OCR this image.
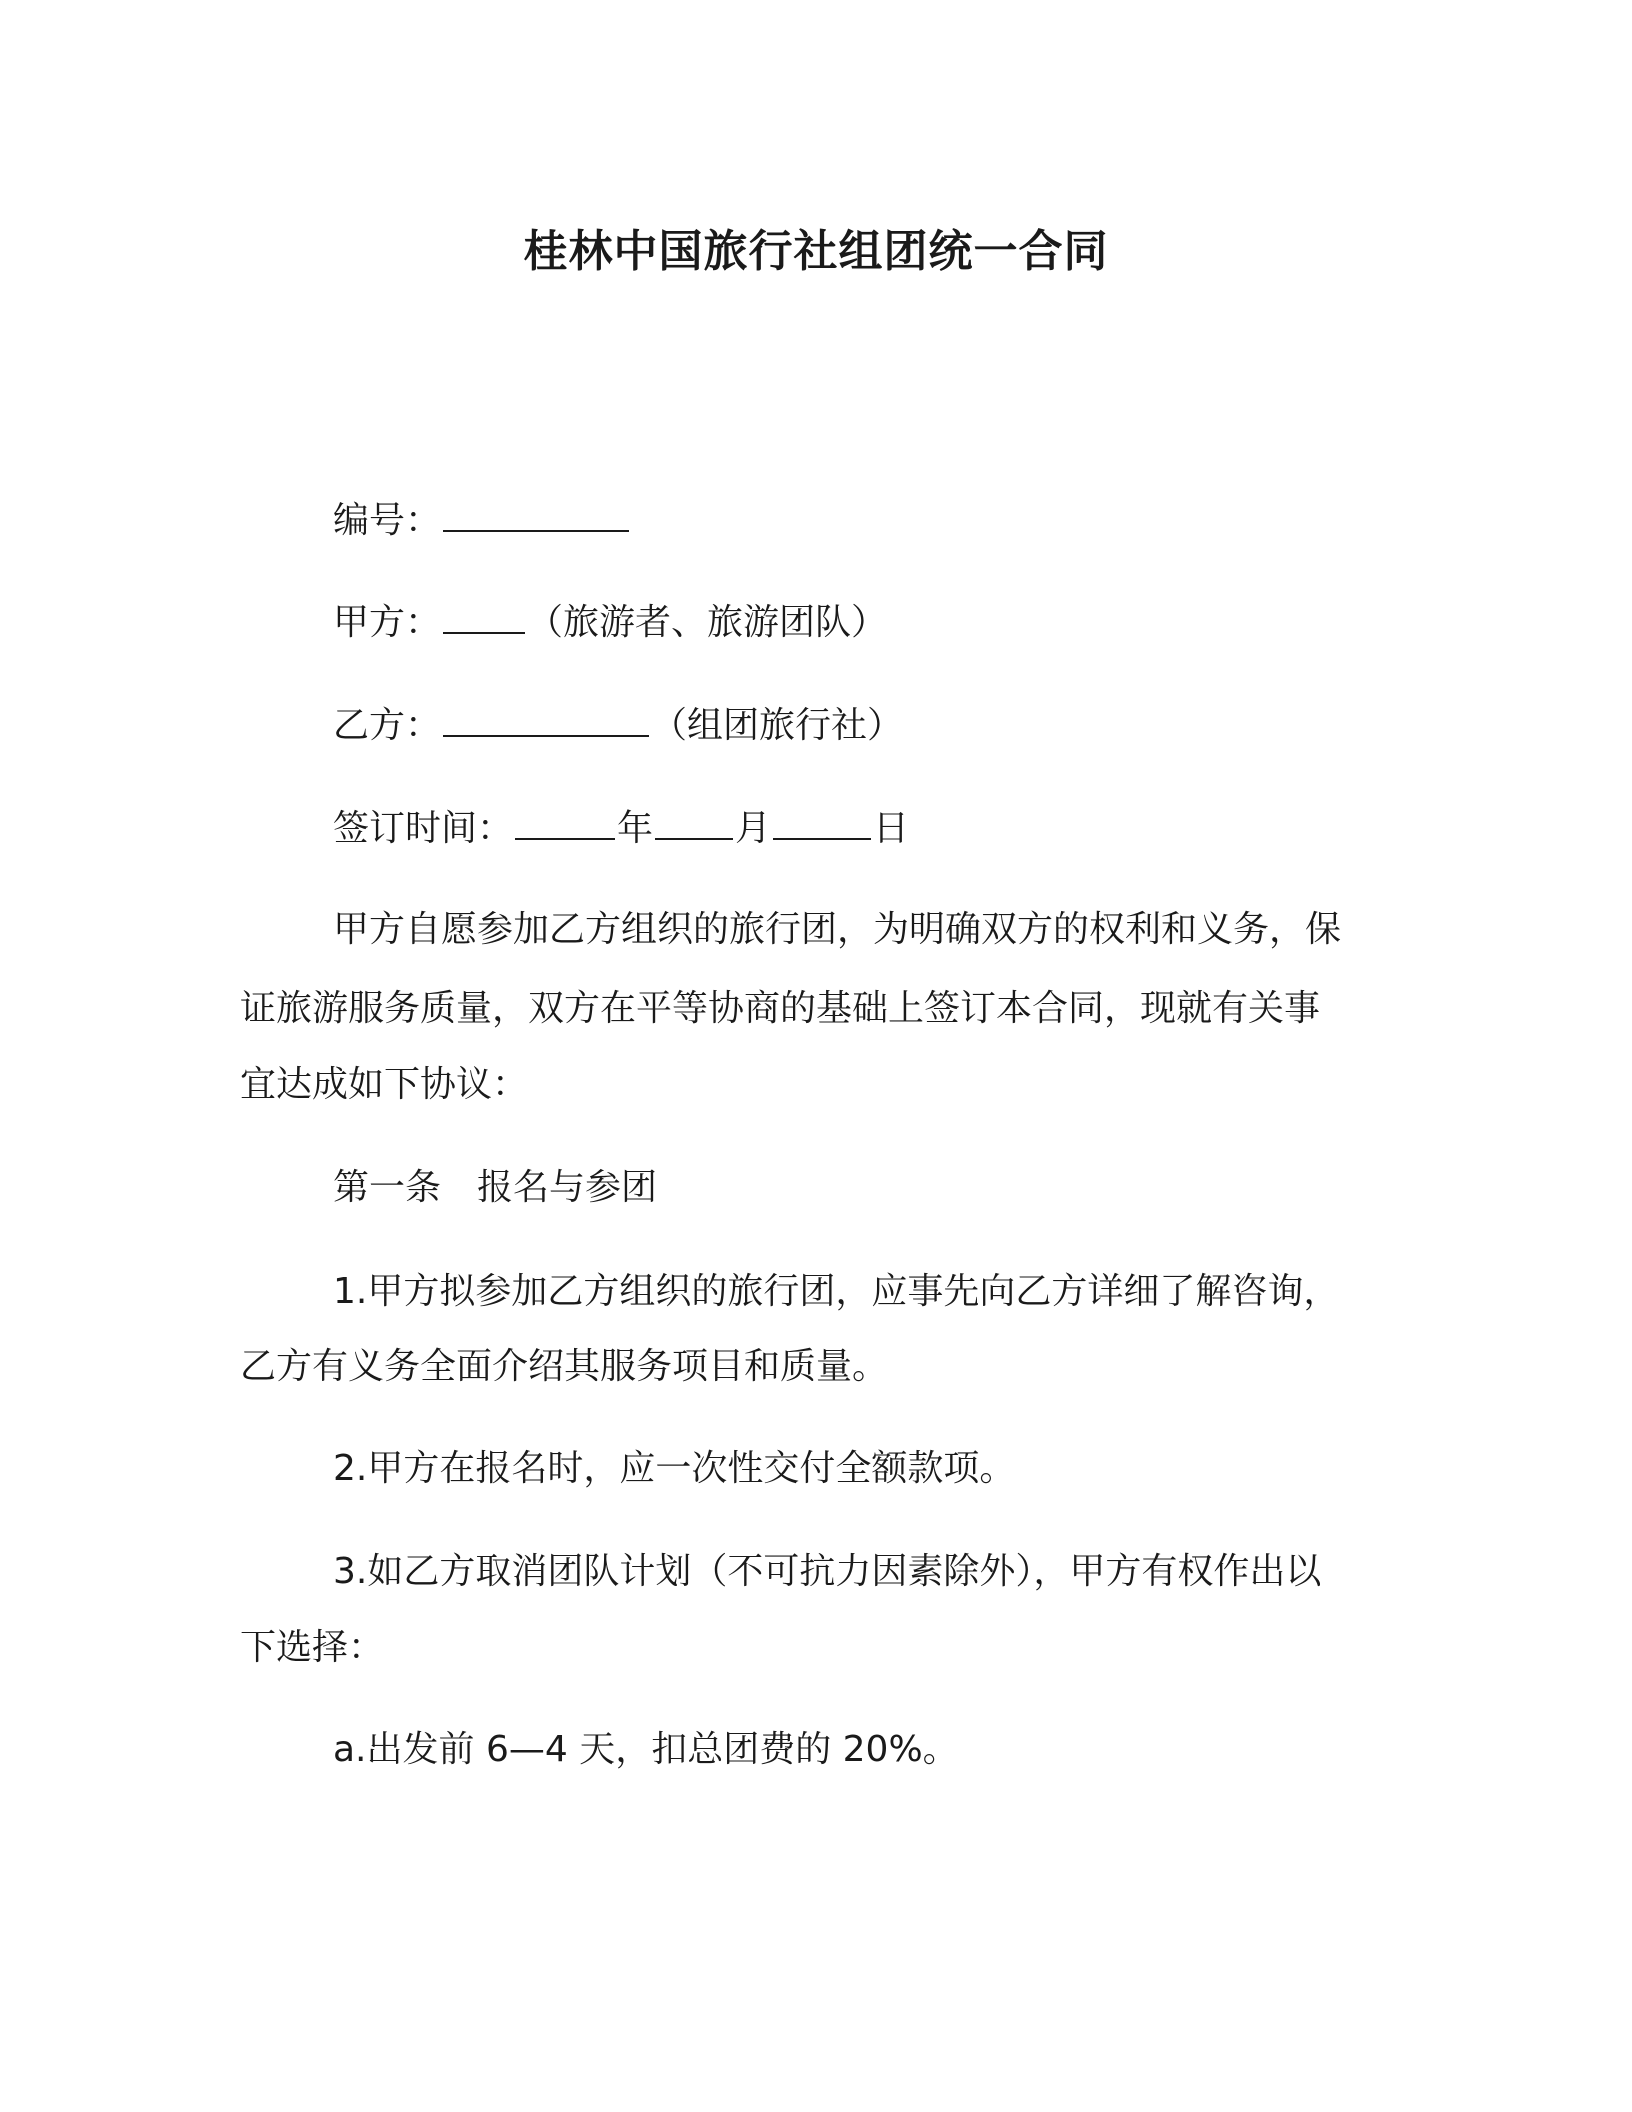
桂林中国旅行社组团统一合同

编号：

甲方： （旅游者、旅游团队）

乙方：	（组团旅行社）

签订时间：	年 月	日

甲方自愿参加乙方组织的旅行团，为明确双方的权利和义务，保

证旅游服务质量，双方在平等协商的基础上签订本合同，现就有关事

宜达成如下协议：

第一条　报名与参团

1.甲方拟参加乙方组织的旅行团，应事先向乙方详细了解咨询，

乙方有义务全面介绍其服务项目和质量。

2.甲方在报名时，应一次性交付全额款项。

3.如乙方取消团队计划（不可抗力因素除外），甲方有权作出以

下选择：

a.出发前 6—4 天，扣总团费的 20%。
